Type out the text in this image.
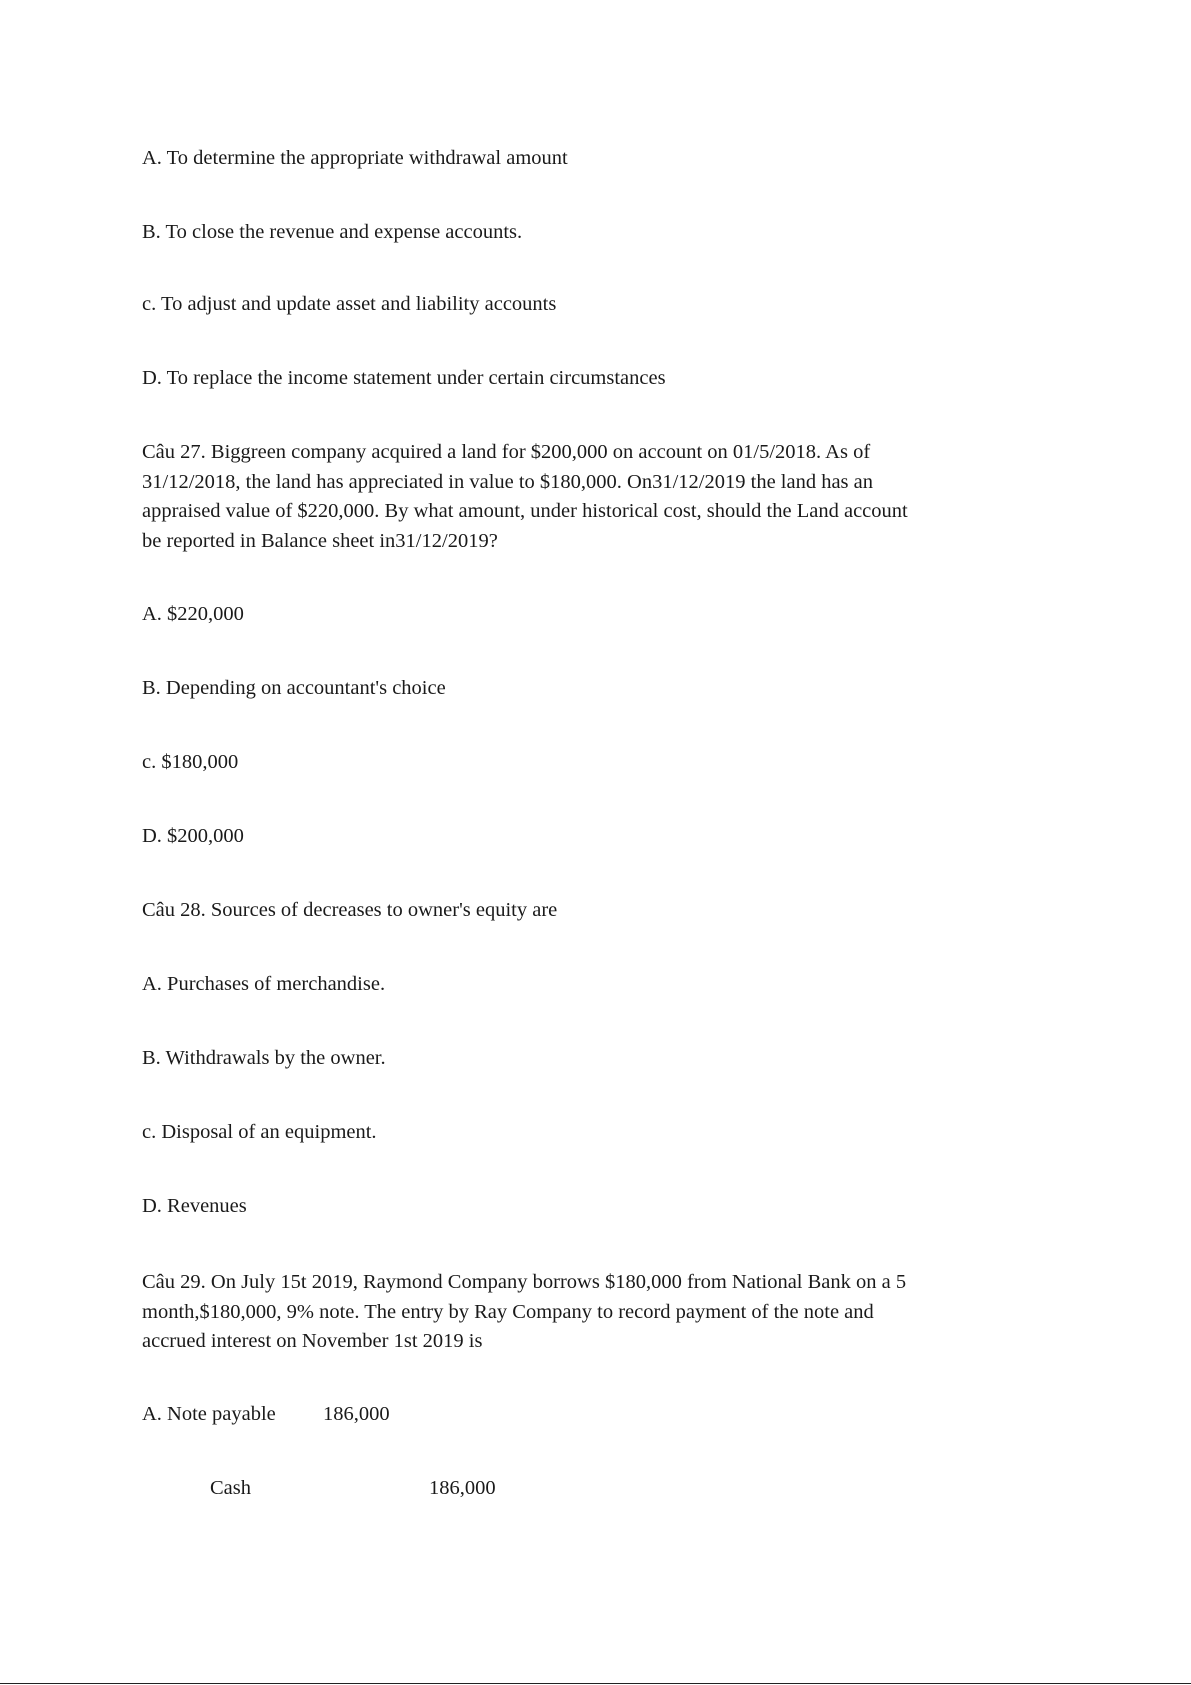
A. To determine the appropriate withdrawal amount
B. To close the revenue and expense accounts.
c. To adjust and update asset and liability accounts
D. To replace the income statement under certain circumstances
Câu 27. Biggreen company acquired a land for $200,000 on account on 01/5/2018. As of 31/12/2018, the land has appreciated in value to $180,000. On31/12/2019 the land has an appraised value of $220,000. By what amount, under historical cost, should the Land account be reported in Balance sheet in31/12/2019?
A. $220,000
B. Depending on accountant's choice
c. $180,000
D. $200,000
Câu 28. Sources of decreases to owner's equity are
A. Purchases of merchandise.
B. Withdrawals by the owner.
c. Disposal of an equipment.
D. Revenues
Câu 29. On July 15t 2019, Raymond Company borrows $180,000 from National Bank on a 5 month,$180,000, 9% note. The entry by Ray Company to record payment of the note and accrued interest on November 1st 2019 is
A. Note payable 186,000
Cash	186,000
